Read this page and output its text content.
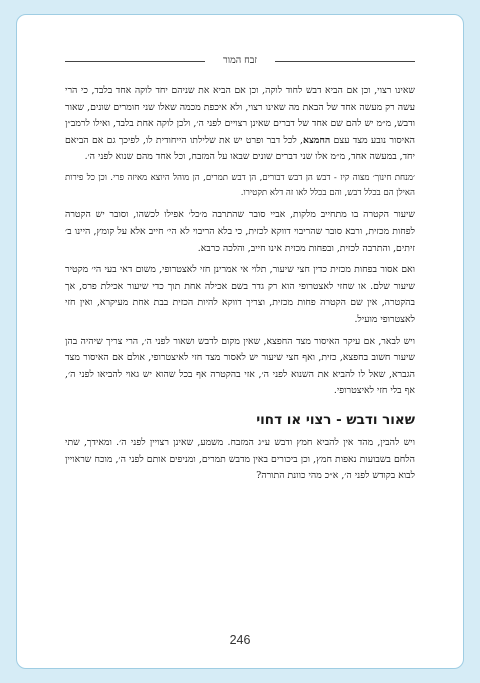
זבח המור

שאינו רצוי, וכן אם הביא דבש לחוד לוקה, וכן אם הביא את שניהם יחד לוקה אחד בלבד, כי הרי עשה רק מעשה אחד של הבאת מה שאינו רצוי, ולא איכפת מכמה שאלו שני חומרים שונים, שאור ודבש, מ״מ יש להם שם אחד של דברים שאינן רצויים לפני ה׳, ולכן לוקה אחת בלבד, ואילו לרמב״ן האיסור נובע מצד עצם החמצא, לכל דבר ופרט יש את שלילתו הייחודית לו, לפיכך גם אם הביאם יחד, במעשה אחד, מ״מ אלו שני דברים שונים שבאו על המזבח, וכל אחד מהם שנוא לפני ה׳.

׳מנחת חינוך׳ מצוה קיז - דבש הן דבש דבורים, הן דבש תמרים, הן מוהל היוצא מאיזה פרי. וכן כל פירות האילן הם בכלל דבש, והם בכלל לאו זה דלא תקטירו.

שיעור הקטרה בו מתחייב מלקות, אביי סובר שהתרבה מ׳כל׳ אפילו לכשהו, וסובר יש הקטרה לפחות מכזית, ורבא סובר שהריבוי דווקא לכזית, כי בלא הריבוי לא הי׳ חייב אלא על קומץ, היינו ב׳ זיתים, והתרבה לכזית, ובפחות מכזית אינו חייב, והלכה כרבא.

ואם אסור בפחות מכזית כדין חצי שיעור, תלוי אי אמרינן חזי לאצטרופי, משום דאי בעי הי׳ מקטיר שיעור שלם. או שחזי לאצטרופי הוא רק גדר בשם אכילה אחת תוך כדי שיעור אכילת פרס, אך בהקטרה, אין שם הקטרה פחות מכזית, וצריך דווקא להיות הכזית בבת אחת מעיקרא, ואין חזי לאצטרופי מועיל.

ויש לבאר, אם עיקר האיסור מצד החפצא, שאין מקום לדבש ושאור לפני ה׳, הרי צריך שיהיה בהן שיעור חשוב בחפצא, כזית, ואף חצי שיעור יש לאסור מצד חזי לאיצטרופי, אולם אם האיסור מצד הגברא, שאל לו להביא את השנוא לפני ה׳, אזי בהקטרה אף בכל שהוא יש גאוי להביאו לפני ה׳, אף בלי חזי לאיצטרופי.

שאור ודבש - רצוי או דחוי

ויש להבין, מהד אין להביא חמץ ודבש ע״ג המזבח. משמע, שאינן רצויין לפני ה׳. ומאידך, שתי הלחם בשבועות נאפות חמץ, וכן ביכורים באין מדבש תמרים, ומניפים אותם לפני ה׳, מוכח שראויין לבוא בקודש לפני ה׳, א״כ מהי כוונת התורה?

246
